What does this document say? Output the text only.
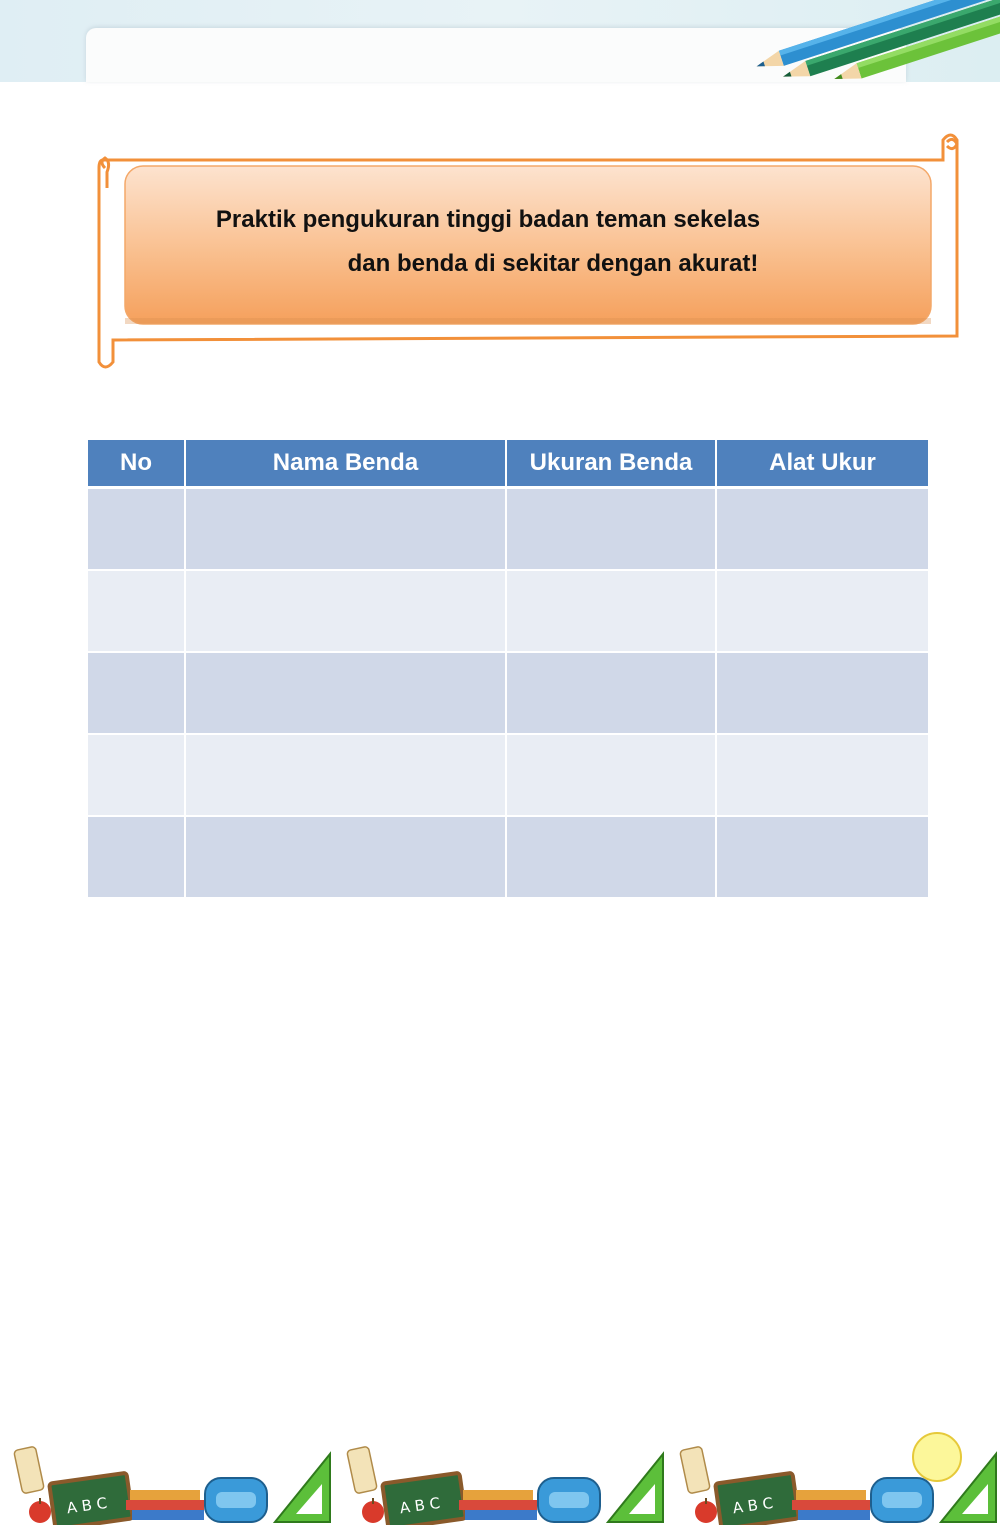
Praktik pengukuran tinggi badan teman sekelas
dan benda di sekitar dengan akurat!
No	Nama Benda	Ukuran Benda	Alat Ukur
